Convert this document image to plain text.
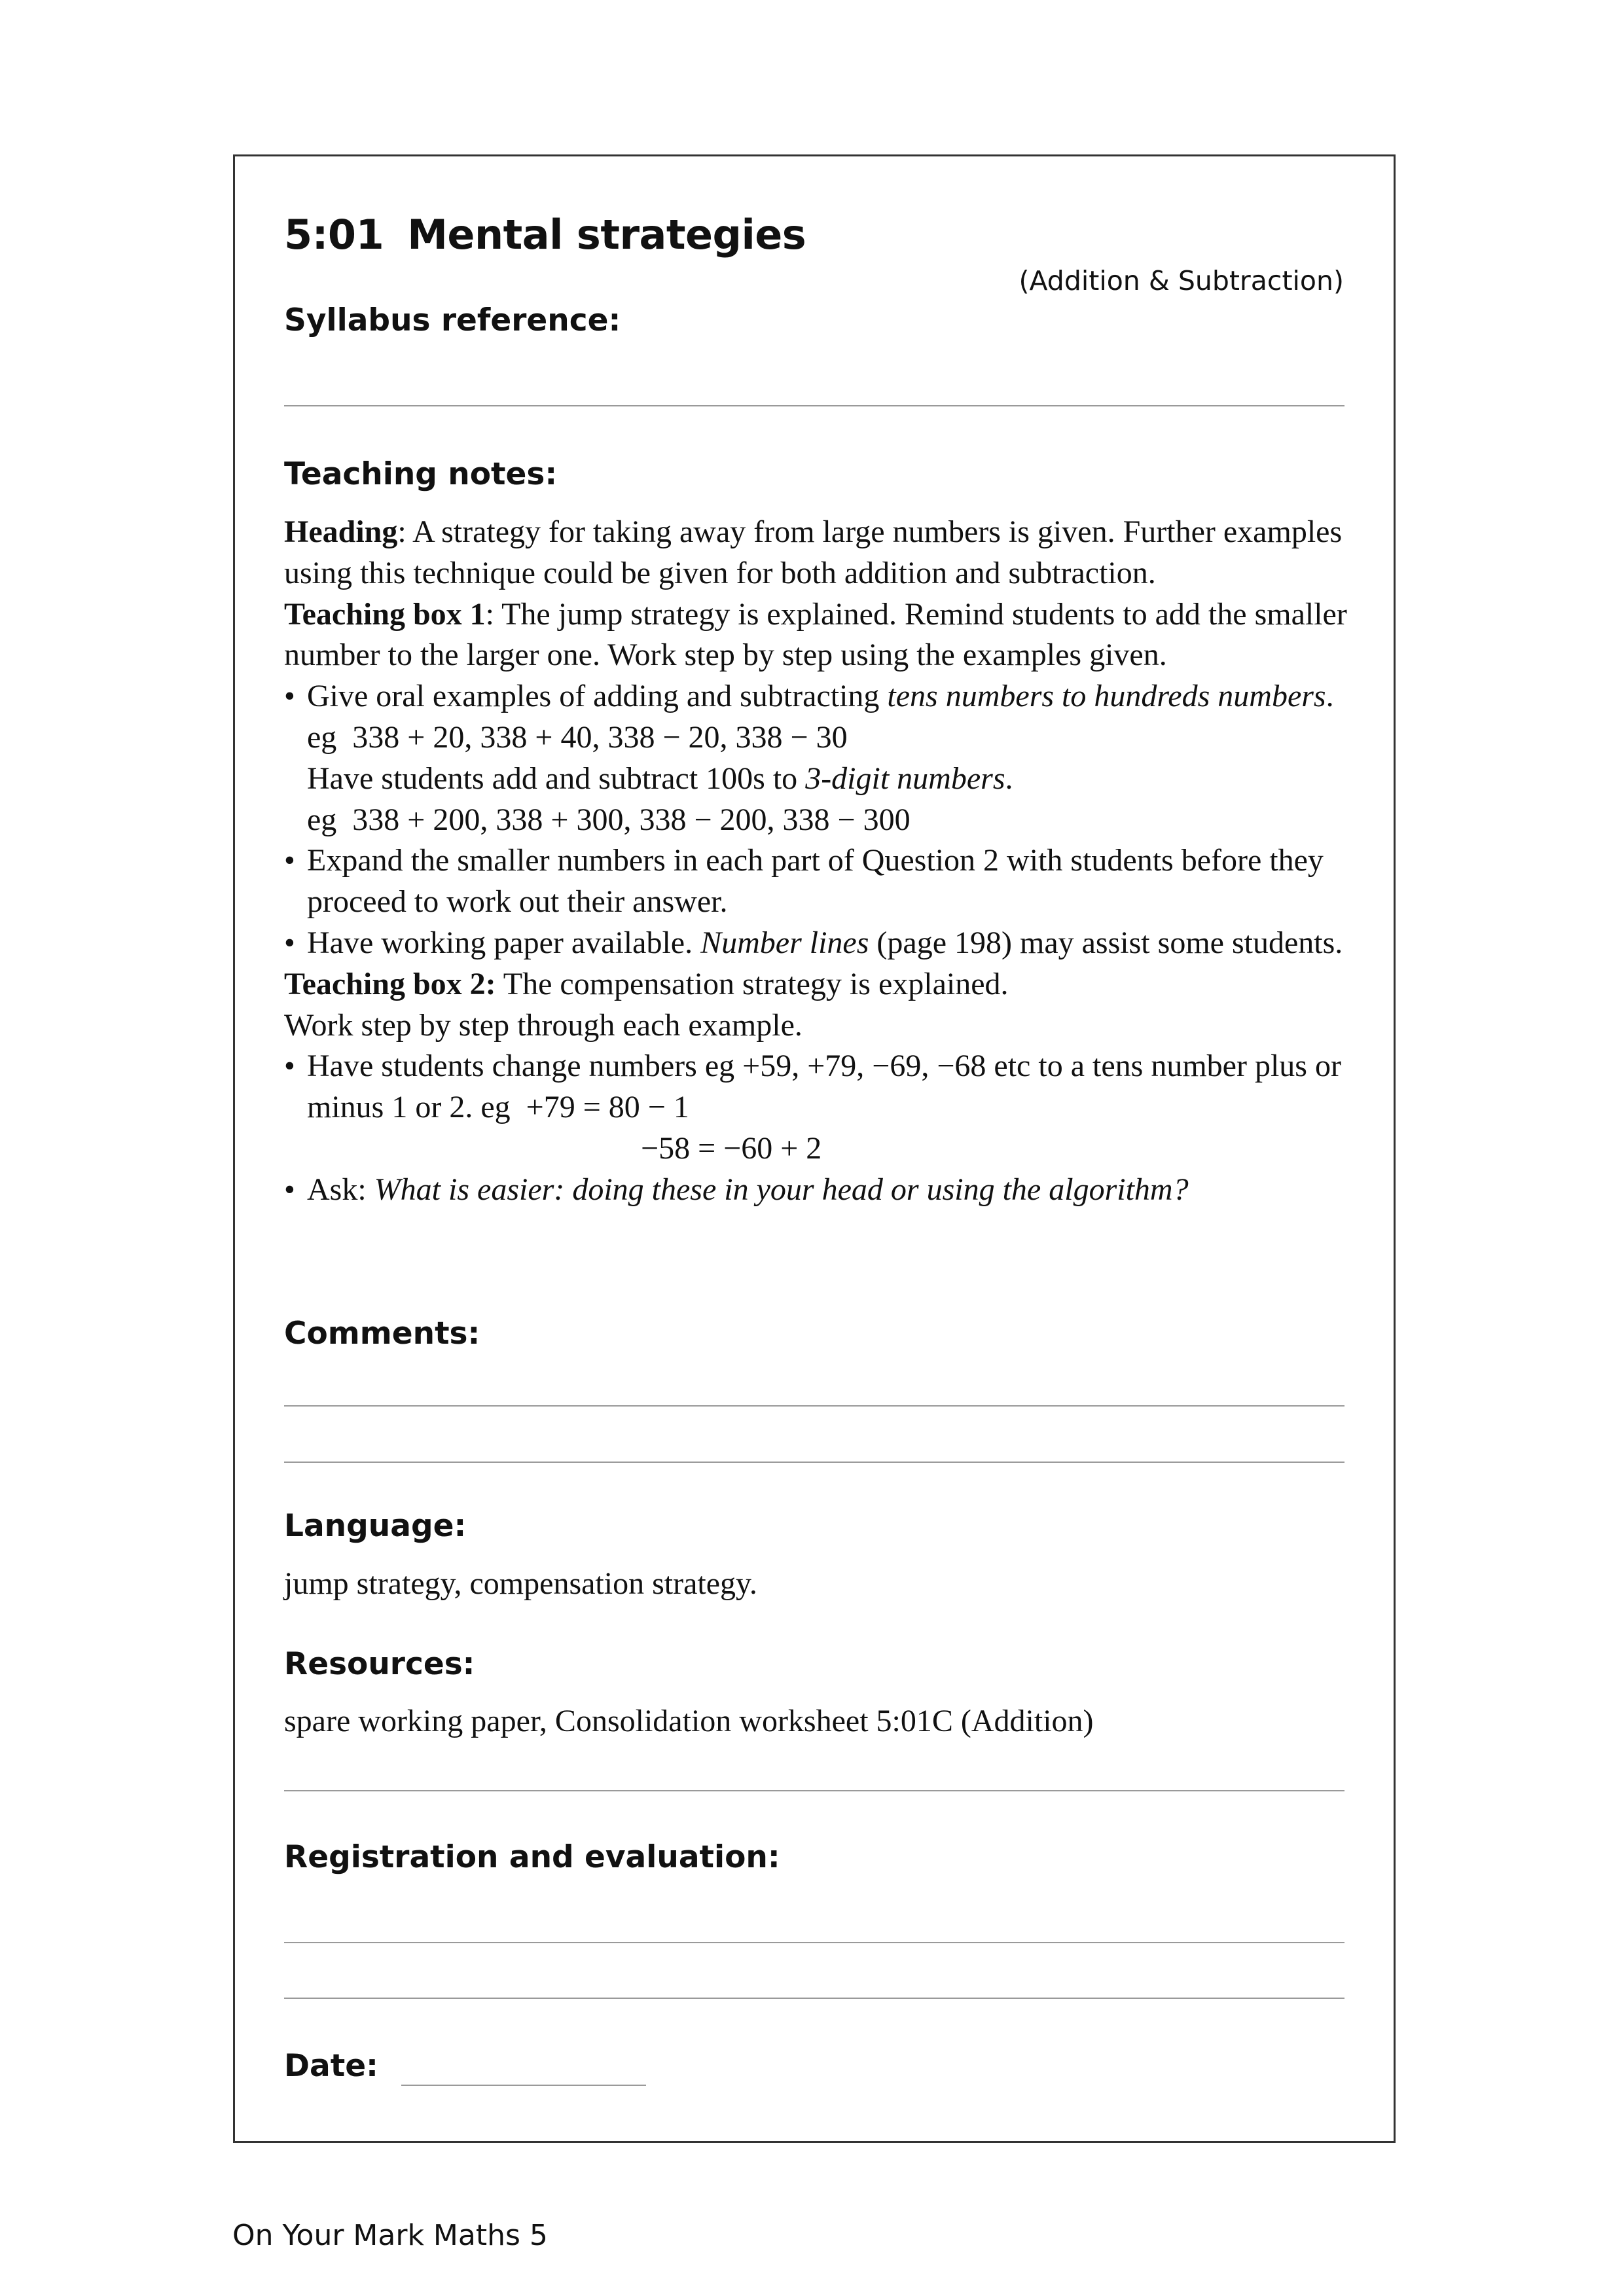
5:01 Mental strategies
(Addition & Subtraction)
Syllabus reference:
Teaching notes:

Heading: A strategy for taking away from large numbers is given. Further examples using this technique could be given for both addition and subtraction.

Teaching box 1: The jump strategy is explained. Remind students to add the smaller number to the larger one. Work step by step using the examples given.

• Give oral examples of adding and subtracting tens numbers to hundreds numbers.

eg  338 + 20, 338 + 40, 338 − 20, 338 − 30

Have students add and subtract 100s to 3-digit numbers.

eg  338 + 200, 338 + 300, 338 − 200, 338 − 300

• Expand the smaller numbers in each part of Question 2 with students before they proceed to work out their answer.

• Have working paper available. Number lines (page 198) may assist some students.

Teaching box 2: The compensation strategy is explained.

Work step by step through each example.

• Have students change numbers eg +59, +79, −69, −68 etc to a tens number plus or minus 1 or 2. eg  +79 = 80 − 1

−58 = −60 + 2

• Ask: What is easier: doing these in your head or using the algorithm?

Comments:
Language:
jump strategy, compensation strategy.
Resources:
spare working paper, Consolidation worksheet 5:01C (Addition)
Registration and evaluation:
Date:
On Your Mark Maths 5
